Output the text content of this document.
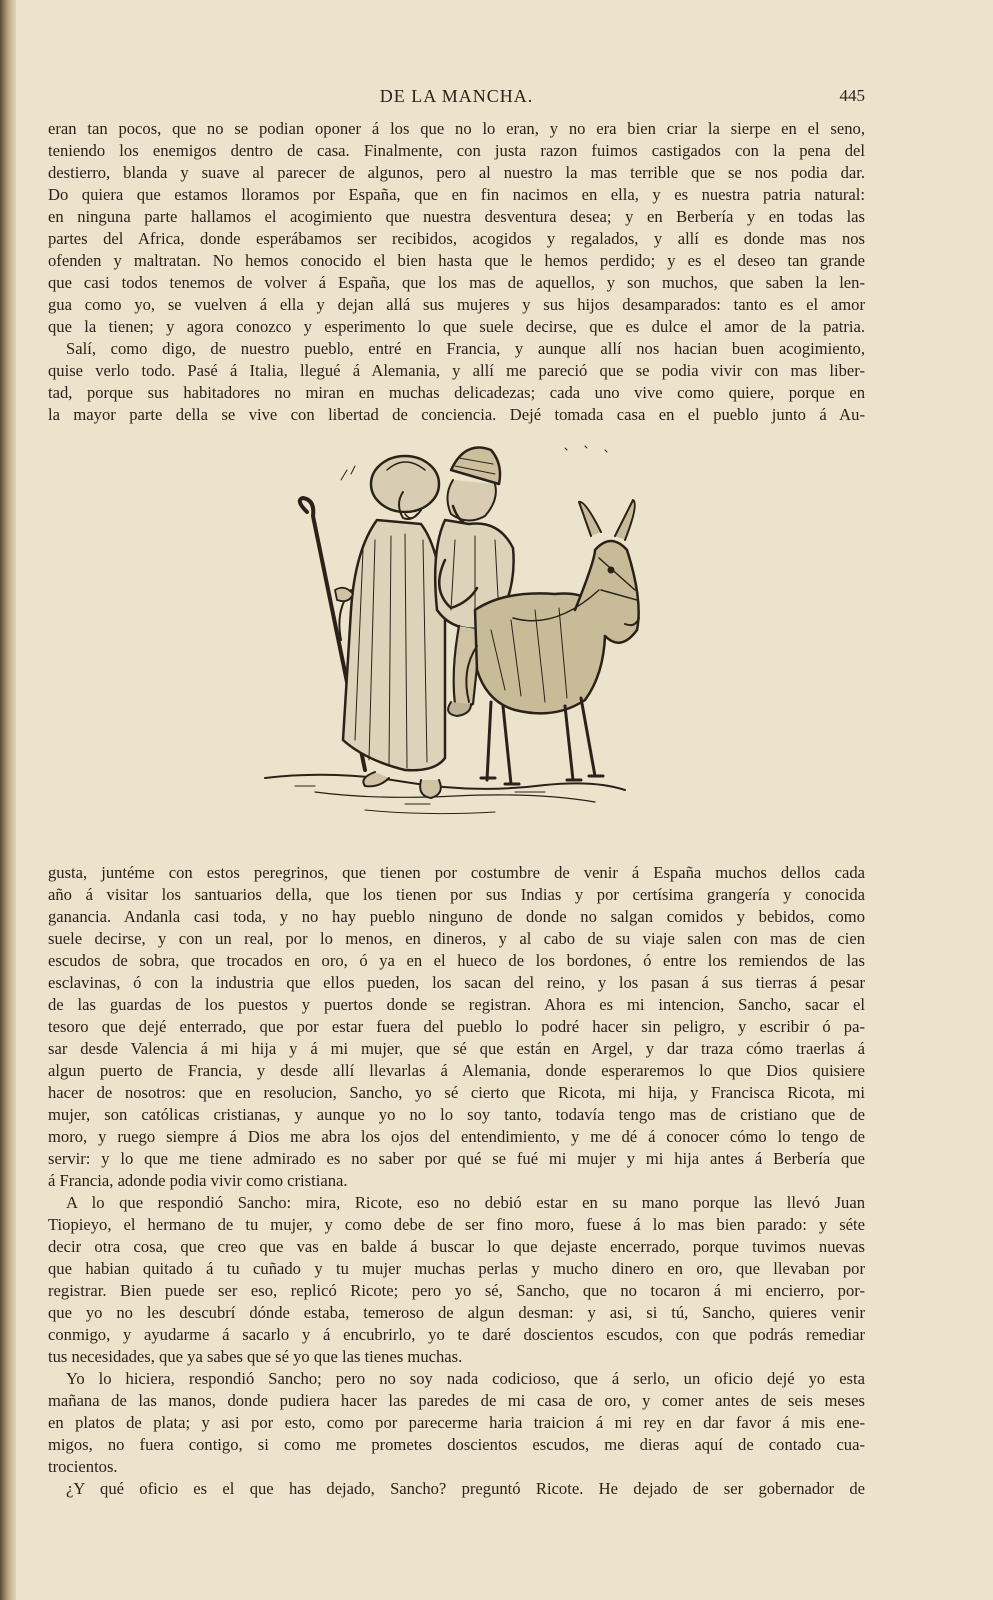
DE LA MANCHA.	445
eran tan pocos, que no se podian oponer á los que no lo eran, y no era bien criar la sierpe en el seno,
teniendo los enemigos dentro de casa. Finalmente, con justa razon fuimos castigados con la pena del
destierro, blanda y suave al parecer de algunos, pero al nuestro la mas terrible que se nos podia dar.
Do quiera que estamos lloramos por España, que en fin nacimos en ella, y es nuestra patria natural:
en ninguna parte hallamos el acogimiento que nuestra desventura desea; y en Berbería y en todas las
partes del Africa, donde esperábamos ser recibidos, acogidos y regalados, y allí es donde mas nos
ofenden y maltratan. No hemos conocido el bien hasta que le hemos perdido; y es el deseo tan grande
que casi todos tenemos de volver á España, que los mas de aquellos, y son muchos, que saben la len-
gua como yo, se vuelven á ella y dejan allá sus mujeres y sus hijos desamparados: tanto es el amor
que la tienen; y agora conozco y esperimento lo que suele decirse, que es dulce el amor de la patria.
Salí, como digo, de nuestro pueblo, entré en Francia, y aunque allí nos hacian buen acogimiento,
quise verlo todo. Pasé á Italia, llegué á Alemania, y allí me pareció que se podia vivir con mas liber-
tad, porque sus habitadores no miran en muchas delicadezas; cada uno vive como quiere, porque en
la mayor parte della se vive con libertad de conciencia. Dejé tomada casa en el pueblo junto á Au-
gusta, juntéme con estos peregrinos, que tienen por costumbre de venir á España muchos dellos cada
año á visitar los santuarios della, que los tienen por sus Indias y por certísima grangería y conocida
ganancia. Andanla casi toda, y no hay pueblo ninguno de donde no salgan comidos y bebidos, como
suele decirse, y con un real, por lo menos, en dineros, y al cabo de su viaje salen con mas de cien
escudos de sobra, que trocados en oro, ó ya en el hueco de los bordones, ó entre los remiendos de las
esclavinas, ó con la industria que ellos pueden, los sacan del reino, y los pasan á sus tierras á pesar
de las guardas de los puestos y puertos donde se registran. Ahora es mi intencion, Sancho, sacar el
tesoro que dejé enterrado, que por estar fuera del pueblo lo podré hacer sin peligro, y escribir ó pa-
sar desde Valencia á mi hija y á mi mujer, que sé que están en Argel, y dar traza cómo traerlas á
algun puerto de Francia, y desde allí llevarlas á Alemania, donde esperaremos lo que Dios quisiere
hacer de nosotros: que en resolucion, Sancho, yo sé cierto que Ricota, mi hija, y Francisca Ricota, mi
mujer, son católicas cristianas, y aunque yo no lo soy tanto, todavía tengo mas de cristiano que de
moro, y ruego siempre á Dios me abra los ojos del entendimiento, y me dé á conocer cómo lo tengo de
servir: y lo que me tiene admirado es no saber por qué se fué mi mujer y mi hija antes á Berbería que
á Francia, adonde podia vivir como cristiana.
A lo que respondió Sancho: mira, Ricote, eso no debió estar en su mano porque las llevó Juan
Tiopieyo, el hermano de tu mujer, y como debe de ser fino moro, fuese á lo mas bien parado: y séte
decir otra cosa, que creo que vas en balde á buscar lo que dejaste encerrado, porque tuvimos nuevas
que habian quitado á tu cuñado y tu mujer muchas perlas y mucho dinero en oro, que llevaban por
registrar. Bien puede ser eso, replicó Ricote; pero yo sé, Sancho, que no tocaron á mi encierro, por-
que yo no les descubrí dónde estaba, temeroso de algun desman: y asi, si tú, Sancho, quieres venir
conmigo, y ayudarme á sacarlo y á encubrirlo, yo te daré doscientos escudos, con que podrás remediar
tus necesidades, que ya sabes que sé yo que las tienes muchas.
Yo lo hiciera, respondió Sancho; pero no soy nada codicioso, que á serlo, un oficio dejé yo esta
mañana de las manos, donde pudiera hacer las paredes de mi casa de oro, y comer antes de seis meses
en platos de plata; y asi por esto, como por parecerme haria traicion á mi rey en dar favor á mis ene-
migos, no fuera contigo, si como me prometes doscientos escudos, me dieras aquí de contado cua-
trocientos.
¿Y qué oficio es el que has dejado, Sancho? preguntó Ricote. He dejado de ser gobernador de
